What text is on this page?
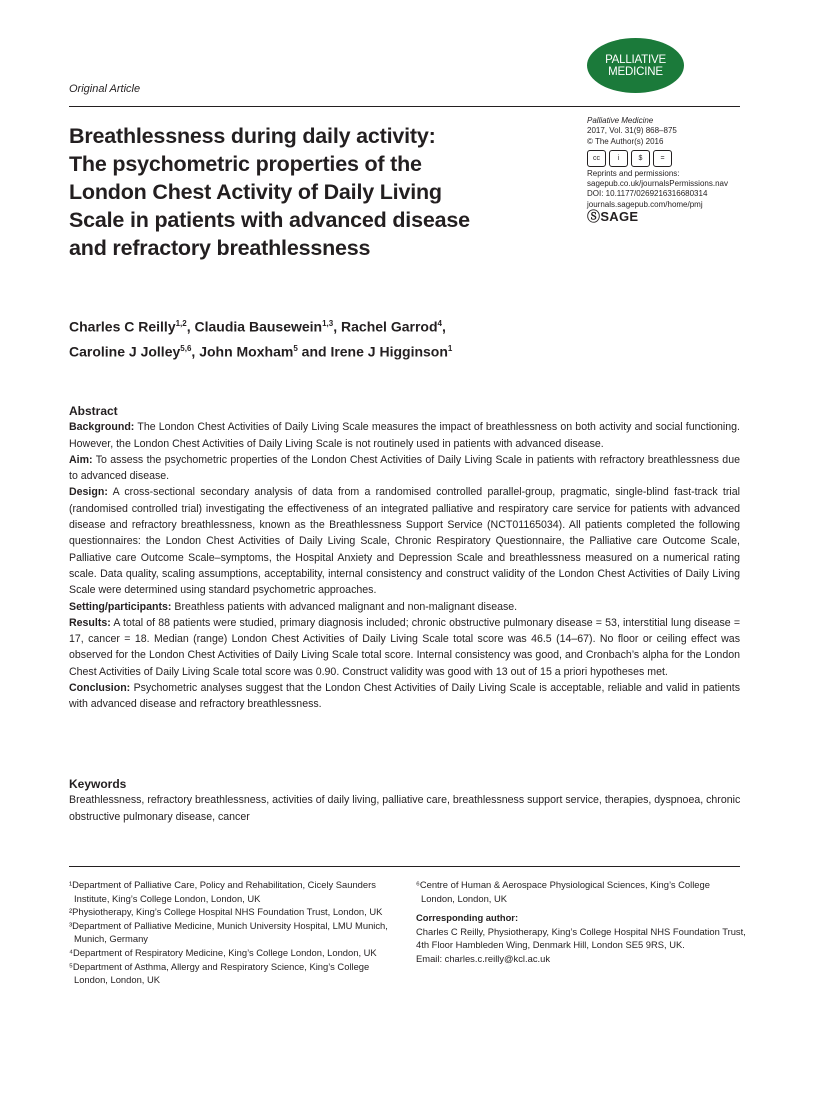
Original Article
PALLIATIVE
MEDICINE
Breathlessness during daily activity:
The psychometric properties of the
London Chest Activity of Daily Living
Scale in patients with advanced disease
and refractory breathlessness
Palliative Medicine
2017, Vol. 31(9) 868–875
© The Author(s) 2016
cc	i	$	=
Reprints and permissions:
sagepub.co.uk/journalsPermissions.nav
DOI: 10.1177/0269216316680314
journals.sagepub.com/home/pmj
ⓈSAGE
Charles C Reilly$^{1,2}$, Claudia Bausewein$^{1,3}$, Rachel Garrod$^4$,
Caroline J Jolley$^{5,6}$, John Moxham$^5$ and Irene J Higginson$^1$
Abstract

Background: The London Chest Activities of Daily Living Scale measures the impact of breathlessness on both activity and social functioning. However, the London Chest Activities of Daily Living Scale is not routinely used in patients with advanced disease.

Aim: To assess the psychometric properties of the London Chest Activities of Daily Living Scale in patients with refractory breathlessness due to advanced disease.

Design: A cross-sectional secondary analysis of data from a randomised controlled parallel-group, pragmatic, single-blind fast-track trial (randomised controlled trial) investigating the effectiveness of an integrated palliative and respiratory care service for patients with advanced disease and refractory breathlessness, known as the Breathlessness Support Service (NCT01165034). All patients completed the following questionnaires: the London Chest Activities of Daily Living Scale, Chronic Respiratory Questionnaire, the Palliative care Outcome Scale, Palliative care Outcome Scale–symptoms, the Hospital Anxiety and Depression Scale and breathlessness measured on a numerical rating scale. Data quality, scaling assumptions, acceptability, internal consistency and construct validity of the London Chest Activities of Daily Living Scale were determined using standard psychometric approaches.

Setting/participants: Breathless patients with advanced malignant and non-malignant disease.

Results: A total of 88 patients were studied, primary diagnosis included; chronic obstructive pulmonary disease = 53, interstitial lung disease = 17, cancer = 18. Median (range) London Chest Activities of Daily Living Scale total score was 46.5 (14–67). No floor or ceiling effect was observed for the London Chest Activities of Daily Living Scale total score. Internal consistency was good, and Cronbach’s alpha for the London Chest Activities of Daily Living Scale total score was 0.90. Construct validity was good with 13 out of 15 a priori hypotheses met.

Conclusion: Psychometric analyses suggest that the London Chest Activities of Daily Living Scale is acceptable, reliable and valid in patients with advanced disease and refractory breathlessness.

Keywords
Breathlessness, refractory breathlessness, activities of daily living, palliative care, breathlessness support service, therapies, dyspnoea, chronic obstructive pulmonary disease, cancer

¹Department of Palliative Care, Policy and Rehabilitation, Cicely Saunders Institute, King’s College London, London, UK

²Physiotherapy, King’s College Hospital NHS Foundation Trust, London, UK

³Department of Palliative Medicine, Munich University Hospital, LMU Munich, Munich, Germany

⁴Department of Respiratory Medicine, King’s College London, London, UK

⁵Department of Asthma, Allergy and Respiratory Science, King’s College London, London, UK

⁶Centre of Human & Aerospace Physiological Sciences, King’s College London, London, UK

Corresponding author:
Charles C Reilly, Physiotherapy, King’s College Hospital NHS Foundation Trust, 4th Floor Hambleden Wing, Denmark Hill, London SE5 9RS, UK.
Email: charles.c.reilly@kcl.ac.uk
